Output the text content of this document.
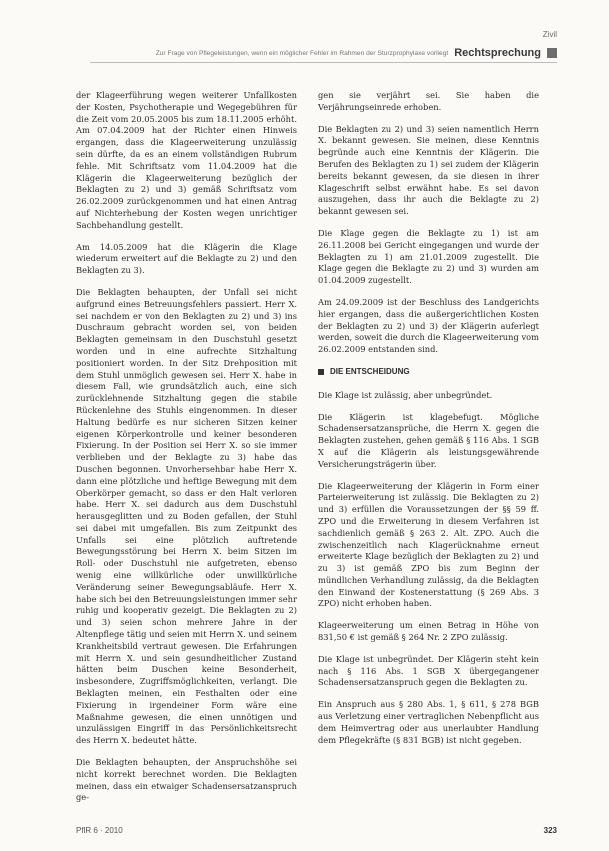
Zivil
Zur Frage von Pflegeleistungen, wenn ein möglicher Fehler im Rahmen der Sturzprophylaxe vorliegt Rechtsprechung

der Klageerführung wegen weiterer Unfallkosten der Kosten, Psychotherapie und Wegegebühren für die Zeit vom 20.05.2005 bis zum 18.11.2005 erhöht. Am 07.04.2009 hat der Richter einen Hinweis ergangen, dass die Klageerweiterung unzulässig sein dürfte, da es an einem vollständigen Rubrum fehle. Mit Schriftsatz vom 11.04.2009 hat die Klägerin die Klageerweiterung bezüglich der Beklagten zu 2) und 3) gemäß Schriftsatz vom 26.02.2009 zurückgenommen und hat einen Antrag auf Nichterhebung der Kosten wegen unrichtiger Sachbehandlung gestellt.

Am 14.05.2009 hat die Klägerin die Klage wiederum erweitert auf die Beklagte zu 2) und den Beklagten zu 3).

Die Beklagten behaupten, der Unfall sei nicht aufgrund eines Betreuungsfehlers passiert. Herr X. sei nachdem er von den Beklagten zu 2) und 3) ins Duschraum gebracht worden sei, von beiden Beklagten gemeinsam in den Duschstuhl gesetzt worden und in eine aufrechte Sitzhaltung positioniert worden. In der Sitz Drehposition mit dem Stuhl unmöglich gewesen sei. Herr X. habe in diesem Fall, wie grundsätzlich auch, eine sich zurücklehnende Sitzhaltung gegen die stabile Rückenlehne des Stuhls eingenommen. In dieser Haltung bedürfe es nur sicheren Sitzen keiner eigenen Körperkontrolle und keiner besonderen Fixierung. In der Position sei Herr X. so sie immer verblieben und der Beklagte zu 3) habe das Duschen begonnen. Unvorhersehbar habe Herr X. dann eine plötzliche und heftige Bewegung mit dem Oberkörper gemacht, so dass er den Halt verloren habe. Herr X. sei dadurch aus dem Duschstuhl herausgeglitten und zu Boden gefallen, der Stuhl sei dabei mit umgefallen. Bis zum Zeitpunkt des Unfalls sei eine plötzlich auftretende Bewegungsstörung bei Herrn X. beim Sitzen im Roll- oder Duschstuhl nie aufgetreten, ebenso wenig eine willkürliche oder unwillkürliche Veränderung seiner Bewegungsabläufe. Herr X. habe sich bei den Betreuungsleistungen immer sehr ruhig und kooperativ gezeigt. Die Beklagten zu 2) und 3) seien schon mehrere Jahre in der Altenpflege tätig und seien mit Herrn X. und seinem Krankheitsbild vertraut gewesen. Die Erfahrungen mit Herrn X. und sein gesundheitlicher Zustand hätten beim Duschen keine Besonderheit, insbesondere, Zugriffsmöglichkeiten, verlangt. Die Beklagten meinen, ein Festhalten oder eine Fixierung in irgendeiner Form wäre eine Maßnahme gewesen, die einen unnötigen und unzulässigen Eingriff in das Persönlichkeitsrecht des Herrn X. bedeutet hätte.

Die Beklagten behaupten, der Anspruchshöhe sei nicht korrekt berechnet worden. Die Beklagten meinen, dass ein etwaiger Schadensersatzanspruch ge-

gen sie verjährt sei. Sie haben die Verjährungseinrede erhoben.

Die Beklagten zu 2) und 3) seien namentlich Herrn X. bekannt gewesen. Sie meinen, diese Kenntnis begründe auch eine Kenntnis der Klägerin. Die Berufen des Beklagten zu 1) sei zudem der Klägerin bereits bekannt gewesen, da sie diesen in ihrer Klageschrift selbst erwähnt habe. Es sei davon auszugehen, dass ihr auch die Beklagte zu 2) bekannt gewesen sei.

Die Klage gegen die Beklagte zu 1) ist am 26.11.2008 bei Gericht eingegangen und wurde der Beklagten zu 1) am 21.01.2009 zugestellt. Die Klage gegen die Beklagte zu 2) und 3) wurden am 01.04.2009 zugestellt.

Am 24.09.2009 ist der Beschluss des Landgerichts hier ergangen, dass die außergerichtlichen Kosten der Beklagten zu 2) und 3) der Klägerin auferlegt werden, soweit die durch die Klageerweiterung vom 26.02.2009 entstanden sind.

DIE ENTSCHEIDUNG

Die Klage ist zulässig, aber unbegründet.

Die Klägerin ist klagebefugt. Mögliche Schadensersatzansprüche, die Herrn X. gegen die Beklagten zustehen, gehen gemäß § 116 Abs. 1 SGB X auf die Klägerin als leistungsgewährende Versicherungsträgerin über.

Die Klageerweiterung der Klägerin in Form einer Parteierweiterung ist zulässig. Die Beklagten zu 2) und 3) erfüllen die Voraussetzungen der §§ 59 ff. ZPO und die Erweiterung in diesem Verfahren ist sachdienlich gemäß § 263 2. Alt. ZPO. Auch die zwischenzeitlich nach Klagerücknahme erneut erweiterte Klage bezüglich der Beklagten zu 2) und zu 3) ist gemäß ZPO bis zum Beginn der mündlichen Verhandlung zulässig, da die Beklagten den Einwand der Kostenerstattung (§ 269 Abs. 3 ZPO) nicht erhoben haben.

Klageerweiterung um einen Betrag in Höhe von 831,50 € ist gemäß § 264 Nr. 2 ZPO zulässig.

Die Klage ist unbegründet. Der Klägerin steht kein nach § 116 Abs. 1 SGB X übergegangener Schadensersatzanspruch gegen die Beklagten zu.

Ein Anspruch aus § 280 Abs. 1, § 611, § 278 BGB aus Verletzung einer vertraglichen Nebenpflicht aus dem Heimvertrag oder aus unerlaubter Handlung dem Pflegekräfte (§ 831 BGB) ist nicht gegeben.

PflR 6 · 2010	323
